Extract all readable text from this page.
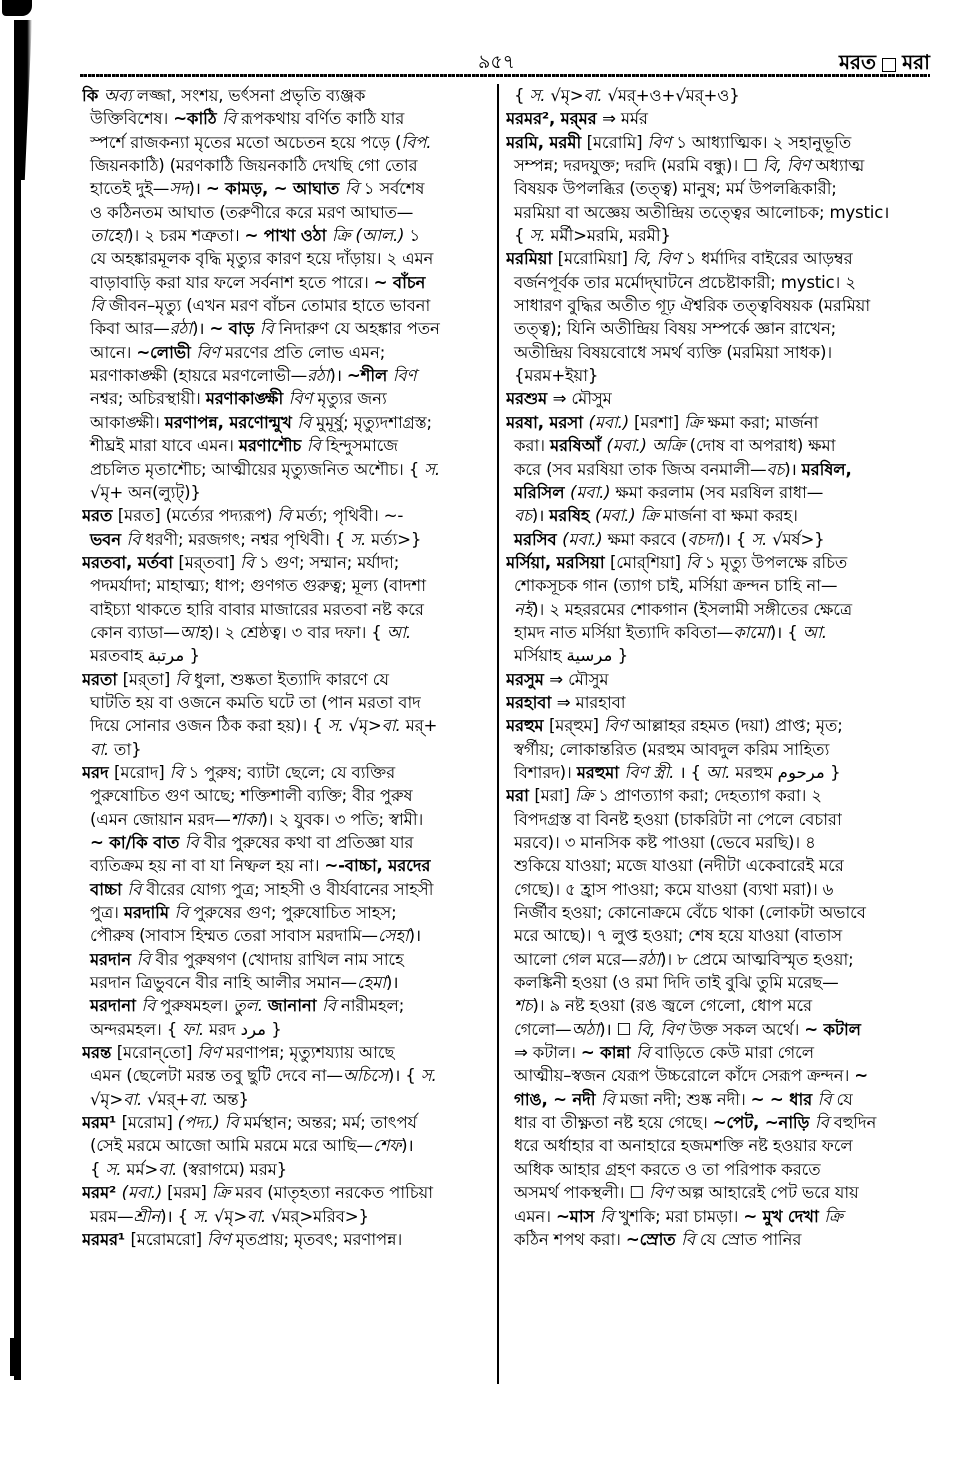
৯৫৭	মরত মরা
কি অব্য লজ্জা, সংশয়, ভর্ৎসনা প্রভৃতি ব্যঞ্জক
উক্তিবিশেষ। ~কাঠি বি রূপকথায় বর্ণিত কাঠি যার
স্পর্শে রাজকন্যা মৃতের মতো অচেতন হয়ে পড়ে (বিপ.
জিয়নকাঠি) (মরণকাঠি জিয়নকাঠি দেখছি গো তোর
হাতেই দুই—সদ)। ~ কামড়, ~ আঘাত বি ১ সর্বশেষ
ও কঠিনতম আঘাত (তরুণীরে করে মরণ আঘাত—
তাহো)। ২ চরম শত্রুতা। ~ পাখা ওঠা ক্রি (আল.) ১
যে অহঙ্কারমূলক বৃদ্ধি মৃত্যুর কারণ হয়ে দাঁড়ায়। ২ এমন
বাড়াবাড়ি করা যার ফলে সর্বনাশ হতে পারে। ~ বাঁচন
বি জীবন–মৃত্যু (এখন মরণ বাঁচন তোমার হাতে ভাবনা
কিবা আর—রঠা)। ~ বাড় বি নিদারুণ যে অহঙ্কার পতন
আনে। ~লোভী বিণ মরণের প্রতি লোভ এমন;
মরণাকাঙ্ক্ষী (হায়রে মরণলোভী—রঠা)। ~শীল বিণ
নশ্বর; অচিরস্থায়ী। মরণাকাঙ্ক্ষী বিণ মৃত্যুর জন্য
আকাঙ্ক্ষী। মরণাপন্ন, মরণোন্মুখ বি মুমূর্ষু; মৃত্যুদশাগ্রস্ত;
শীঘ্রই মারা যাবে এমন। মরণাশৌচ বি হিন্দুসমাজে
প্রচলিত মৃতাশৌচ; আত্মীয়ের মৃত্যুজনিত অশৌচ। { স.
√মৃ+ অন(ল্যুট্)}
মরত [মরত] (মর্ত্যের পদ্যরূপ) বি মর্ত্য; পৃথিবী। ~-
ভবন বি ধরণী; মরজগৎ; নশ্বর পৃথিবী। { স. মর্ত্য>}
মরতবা, মর্তবা [মর্‌তবা] বি ১ গুণ; সম্মান; মর্যাদা;
পদমর্যাদা; মাহাত্ম্য; ধাপ; গুণগত গুরুত্ব; মূল্য (বাদশা
বাইচ্যা থাকতে হারি বাবার মাজারের মরতবা নষ্ট করে
কোন ব্যাডা—আহ)। ২ শ্রেষ্ঠত্ব। ৩ বার দফা। { আ.
মরতবাহ مرتبة }
মরতা [মর্‌তা] বি ধুলা, শুষ্কতা ইত্যাদি কারণে যে
ঘাটতি হয় বা ওজনে কমতি ঘটে তা (পান মরতা বাদ
দিয়ে সোনার ওজন ঠিক করা হয়)। { স. √মৃ>বা. মর্+
বা. তা}
মরদ [মরোদ] বি ১ পুরুষ; ব্যাটা ছেলে; যে ব্যক্তির
পুরুষোচিত গুণ আছে; শক্তিশালী ব্যক্তি; বীর পুরুষ
(এমন জোয়ান মরদ—শাকা)। ২ যুবক। ৩ পতি; স্বামী।
~ কা/কি বাত বি বীর পুরুষের কথা বা প্রতিজ্ঞা যার
ব্যতিক্রম হয় না বা যা নিষ্ফল হয় না। ~-বাচ্চা, মরদের
বাচ্চা বি বীরের যোগ্য পুত্র; সাহসী ও বীর্যবানের সাহসী
পুত্র। মরদামি বি পুরুষের গুণ; পুরুষোচিত সাহস;
পৌরুষ (সাবাস হিম্মত তেরা সাবাস মরদামি—সেহা)।
মরদান বি বীর পুরুষগণ (খোদায় রাখিল নাম সাহে
মরদান ত্রিভুবনে বীর নাহি আলীর সমান—হেমা)।
মরদানা বি পুরুষমহল। তুল. জানানা বি নারীমহল;
অন্দরমহল। { ফা. মরদ مرد }
মরন্ত [মরোন্‌তো] বিণ মরণাপন্ন; মৃত্যুশয্যায় আছে
এমন (ছেলেটা মরন্ত তবু ছুটি দেবে না—অচিসে)। { স.
√মৃ>বা. √মর্+বা. অন্ত}
মরম¹ [মরোম] (পদ্য.) বি মর্মস্থান; অন্তর; মর্ম; তাৎপর্য
(সেই মরমে আজো আমি মরমে মরে আছি—শেফ)।
{ স. মর্ম>বা. (স্বরাগমে) মরম}
মরম² (মবা.) [মরম] ক্রি মরব (মাতৃহত্যা নরকেত পাচিয়া
মরম—শ্রীন)। { স. √মৃ>বা. √মর্>মরিব>}
মরমর¹ [মরোমরো] বিণ মৃতপ্রায়; মৃতবৎ; মরণাপন্ন।
{ স. √মৃ>বা. √মর্+ও+√মর্+ও}
মরমর², মর্‌মর ⇒ মর্মর
মরমি, মরমী [মরোমি] বিণ ১ আধ্যাত্মিক। ২ সহানুভূতি
সম্পন্ন; দরদযুক্ত; দরদি (মরমি বন্ধু)। ☐ বি, বিণ অধ্যাত্ম
বিষয়ক উপলব্ধির (তত্ত্ব) মানুষ; মর্ম উপলব্ধিকারী;
মরমিয়া বা অজ্ঞেয় অতীন্দ্রিয় তত্ত্বের আলোচক; mystic।
{ স. মর্মী>মরমি, মরমী}
মরমিয়া [মরোমিয়া] বি, বিণ ১ ধর্মাদির বাইরের আড়ম্বর
বর্জনপূর্বক তার মর্মোদ্‌ঘাটনে প্রচেষ্টাকারী; mystic। ২
সাধারণ বুদ্ধির অতীত গূঢ় ঐশ্বরিক তত্ত্ববিষয়ক (মরমিয়া
তত্ত্ব); যিনি অতীন্দ্রিয় বিষয় সম্পর্কে জ্ঞান রাখেন;
অতীন্দ্রিয় বিষয়বোধে সমর্থ ব্যক্তি (মরমিয়া সাধক)।
{মরম+ইয়া}
মরশুম ⇒ মৌসুম
মরষা, মরসা (মবা.) [মরশা] ক্রি ক্ষমা করা; মার্জনা
করা। মরষিআঁ (মবা.) অক্রি (দোষ বা অপরাধ) ক্ষমা
করে (সব মরষিয়া তাক জিঅ বনমালী—বচ)। মরষিল,
মরিসিল (মবা.) ক্ষমা করলাম (সব মরষিল রাধা—
বচ)। মরষিহ (মবা.) ক্রি মার্জনা বা ক্ষমা করহ।
মরসিব (মবা.) ক্ষমা করবে (বচদা)। { স. √মর্ষ>}
মর্সিয়া, মরসিয়া [মোর্‌শিয়া] বি ১ মৃত্যু উপলক্ষে রচিত
শোকসূচক গান (ত্যাগ চাই, মর্সিয়া ক্রন্দন চাহি না—
নই)। ২ মহররমের শোকগান (ইসলামী সঙ্গীতের ক্ষেত্রে
হামদ নাত মর্সিয়া ইত্যাদি কবিতা—কামো)। { আ.
মর্সিয়াহ مرسية }
মরসুম ⇒ মৌসুম
মরহাবা ⇒ মারহাবা
মরহুম [মর্‌হুম] বিণ আল্লাহর রহমত (দয়া) প্রাপ্ত; মৃত;
স্বর্গীয়; লোকান্তরিত (মরহুম আবদুল করিম সাহিত্য
বিশারদ)। মরহুমা বিণ স্ত্রী. । { আ. মরহুম مرحوم }
মরা [মরা] ক্রি ১ প্রাণত্যাগ করা; দেহত্যাগ করা। ২
বিপদগ্রস্ত বা বিনষ্ট হওয়া (চাকরিটা না পেলে বেচারা
মরবে)। ৩ মানসিক কষ্ট পাওয়া (ভেবে মরছি)। ৪
শুকিয়ে যাওয়া; মজে যাওয়া (নদীটা একেবারেই মরে
গেছে)। ৫ হ্রাস পাওয়া; কমে যাওয়া (ব্যথা মরা)। ৬
নির্জীব হওয়া; কোনোক্রমে বেঁচে থাকা (লোকটা অভাবে
মরে আছে)। ৭ লুপ্ত হওয়া; শেষ হয়ে যাওয়া (বাতাস
আলো গেল মরে—রঠা)। ৮ প্রেমে আত্মবিস্মৃত হওয়া;
কলঙ্কিনী হওয়া (ও রমা দিদি তাই বুঝি তুমি মরেছ—
শচ)। ৯ নষ্ট হওয়া (রঙ জ্বলে গেলো, ধোপ মরে
গেলো—অঠা)। ☐ বি, বিণ উক্ত সকল অর্থে। ~ কটাল
⇒ কটাল। ~ কান্না বি বাড়িতে কেউ মারা গেলে
আত্মীয়–স্বজন যেরূপ উচ্চরোলে কাঁদে সেরূপ ক্রন্দন। ~
গাঙ, ~ নদী বি মজা নদী; শুষ্ক নদী। ~ ~ ধার বি যে
ধার বা তীক্ষ্ণতা নষ্ট হয়ে গেছে। ~পেট, ~নাড়ি বি বহুদিন
ধরে অর্ধাহার বা অনাহারে হজমশক্তি নষ্ট হওয়ার ফলে
অধিক আহার গ্রহণ করতে ও তা পরিপাক করতে
অসমর্থ পাকস্থলী। ☐ বিণ অল্প আহারেই পেট ভরে যায়
এমন। ~মাস বি খুশকি; মরা চামড়া। ~ মুখ দেখা ক্রি
কঠিন শপথ করা। ~স্রোত বি যে স্রোত পানির
